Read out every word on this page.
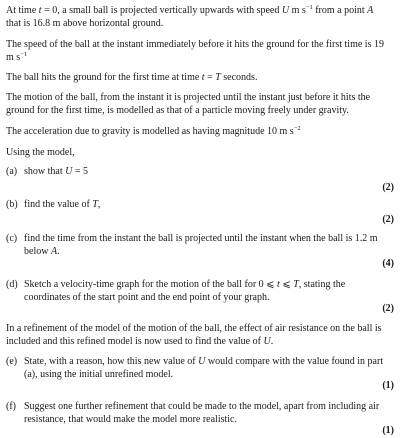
At time t = 0, a small ball is projected vertically upwards with speed U m $s^{-1}$ from a point A that is 16.8 m above horizontal ground.

The speed of the ball at the instant immediately before it hits the ground for the first time is 19 m $s^{-1}$

The ball hits the ground for the first time at time t = T seconds.

The motion of the ball, from the instant it is projected until the instant just before it hits the ground for the first time, is modelled as that of a particle moving freely under gravity.

The acceleration due to gravity is modelled as having magnitude 10 m $s^{-2}$

Using the model,

(a) show that U = 5
(2)
(b) find the value of T,
(2)
(c) find the time from the instant the ball is projected until the instant when the ball is 1.2 m below A.
(4)
(d) Sketch a velocity-time graph for the motion of the ball for 0 ⩽ t ⩽ T, stating the coordinates of the start point and the end point of your graph.
(2)

In a refinement of the model of the motion of the ball, the effect of air resistance on the ball is included and this refined model is now used to find the value of U.

(e) State, with a reason, how this new value of U would compare with the value found in part (a), using the initial unrefined model.
(1)
(f) Suggest one further refinement that could be made to the model, apart from including air resistance, that would make the model more realistic.
(1)
